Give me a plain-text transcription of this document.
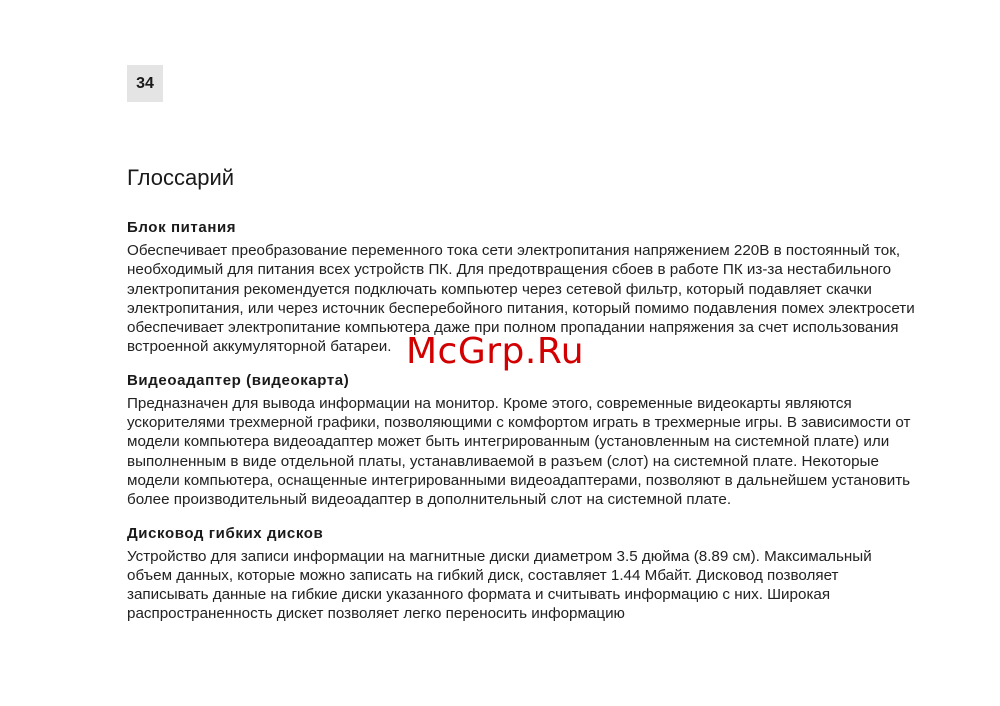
34
Глоссарий
Блок питания

Обеспечивает преобразование переменного тока сети электропитания напряжением 220В в постоянный ток, необходимый для питания всех устройств ПК. Для предотвращения сбоев в работе ПК из-за нестабильного электропитания рекомендуется подключать компьютер через сетевой фильтр, который подавляет скачки электропитания, или через источник бесперебойного питания, который помимо подавления помех электросети обеспечивает электропитание компьютера даже при полном пропадании напряжения за счет использования встроенной аккумуляторной батареи.

Видеоадаптер (видеокарта)

Предназначен для вывода информации на монитор. Кроме этого, современные видеокарты являются ускорителями трехмерной графики, позволяющими с комфортом играть в трехмерные игры. В зависимости от модели компьютера видеоадаптер может быть интегрированным (установленным на системной плате) или выполненным в виде отдельной платы, устанавливаемой в разъем (слот) на системной плате. Некоторые модели компьютера, оснащенные интегрированными видеоадаптерами, позволяют в дальнейшем установить более производительный видеоадаптер в дополнительный слот на системной плате.

Дисковод гибких дисков

Устройство для записи информации на магнитные диски диаметром 3.5 дюйма (8.89 см). Максимальный объем данных, которые можно записать на гибкий диск, составляет 1.44 Мбайт. Дисковод позволяет записывать данные на гибкие диски указанного формата и считывать информацию с них. Широкая распространенность дискет позволяет легко переносить информацию

McGrp.Ru
